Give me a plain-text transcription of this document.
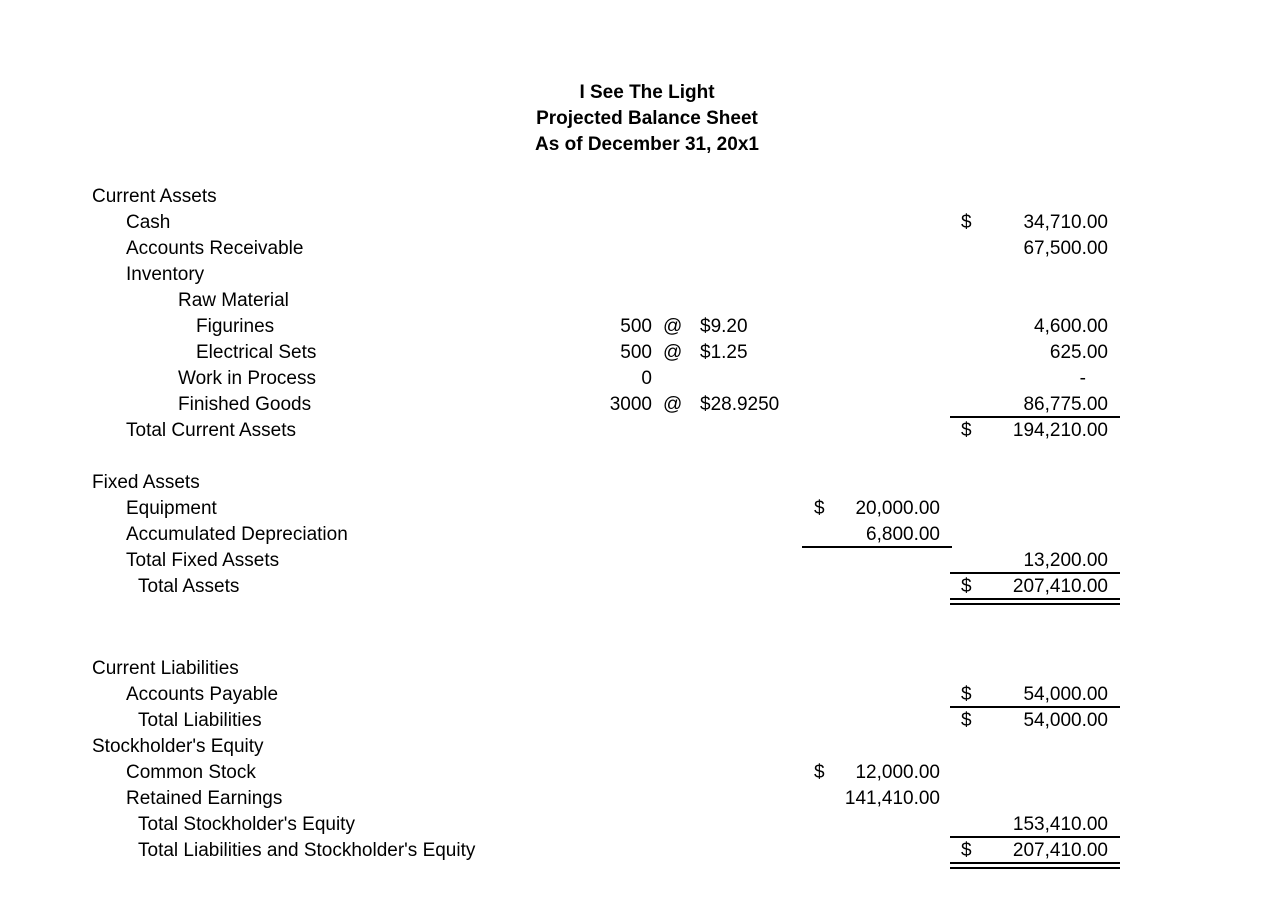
I See The Light
Projected Balance Sheet
As of December 31, 20x1
Current Assets
Cash	$	34,710.00
Accounts Receivable	67,500.00
Inventory
Raw Material
Figurines	500 @ $9.20	4,600.00
Electrical Sets	500 @ $1.25	625.00
Work in Process	0	-
Finished Goods	3000 @ $28.9250	86,775.00
Total Current Assets	$	194,210.00
Fixed Assets
Equipment	$	20,000.00
Accumulated Depreciation	6,800.00
Total Fixed Assets	13,200.00
Total Assets	$	207,410.00
Current Liabilities
Accounts Payable	$	54,000.00
Total Liabilities	$	54,000.00
Stockholder's Equity
Common Stock	$	12,000.00
Retained Earnings	141,410.00
Total Stockholder's Equity	153,410.00
Total Liabilities and Stockholder's Equity	$	207,410.00
